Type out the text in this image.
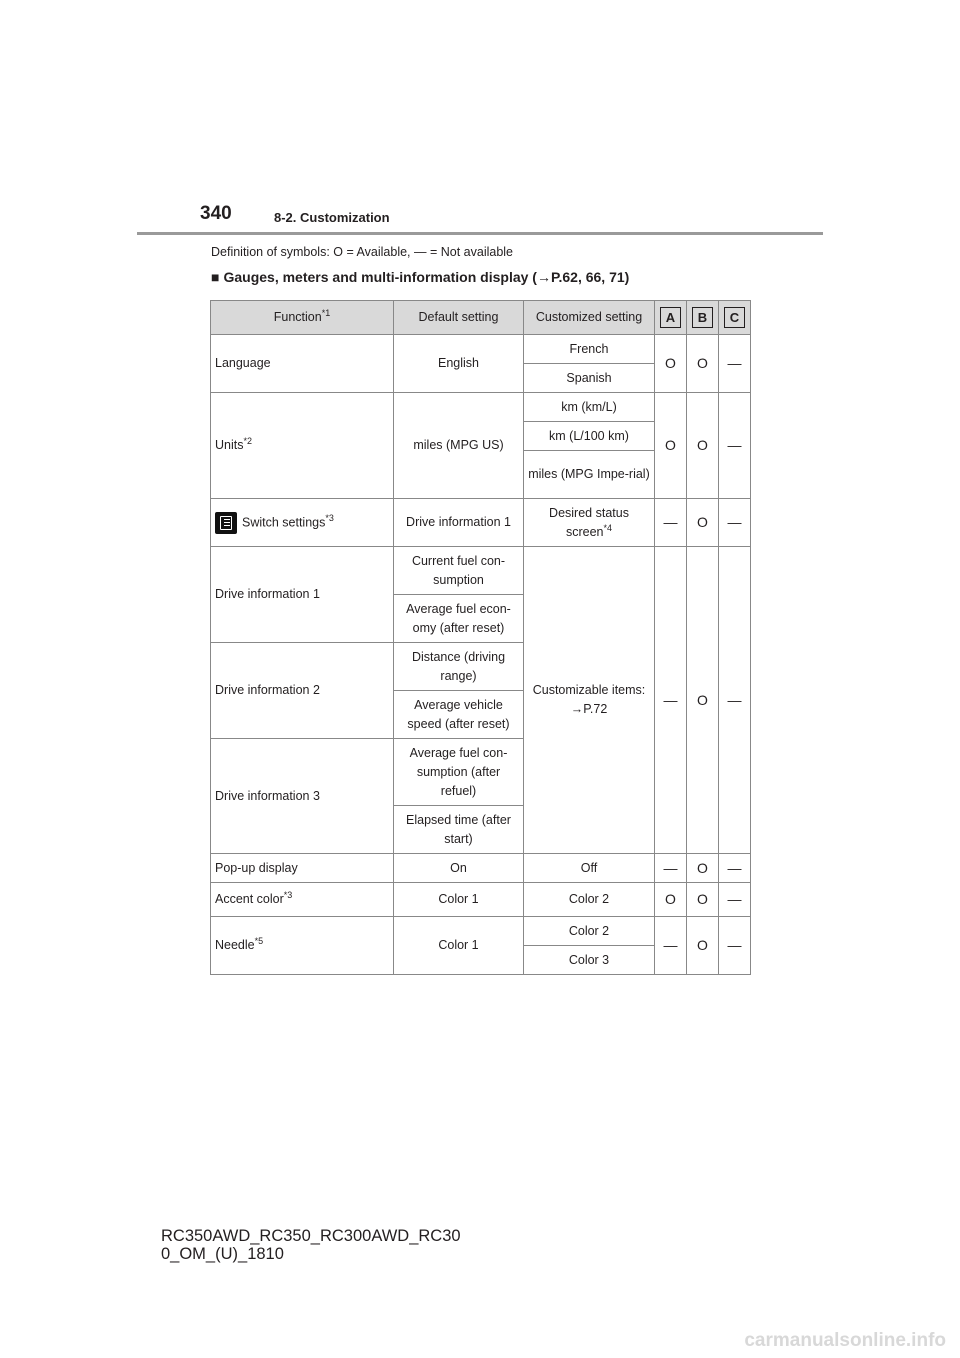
340	8-2. Customization
Definition of symbols: O = Available, — = Not available
■ Gauges, meters and multi-information display (→P.62, 66, 71)
Function$^{*1}$	Default setting	Customized setting	A	B	C
Language	English	French	O	O	—
		Spanish			
Units$^{*2}$	miles (MPG US)	km (km/L)	O	O	—
		km (L/100 km)			
		miles (MPG Impe-rial)			
Switch settings$^{*3}$	Drive information 1	Desired status screen$^{*4}$	—	O	—
Drive information 1	Current fuel con-sumption	Customizable items: →P.72	—	O	—
	Average fuel econ-omy (after reset)				
Drive information 2	Distance (driving range)				
	Average vehicle speed (after reset)				
Drive information 3	Average fuel con-sumption (after refuel)				
	Elapsed time (after start)				
Pop-up display	On	Off	—	O	—
Accent color$^{*3}$	Color 1	Color 2	O	O	—
Needle$^{*5}$	Color 1	Color 2	—	O	—
		Color 3			
RC350AWD_RC350_RC300AWD_RC30
0_OM_(U)_1810
carmanualsonline.info
